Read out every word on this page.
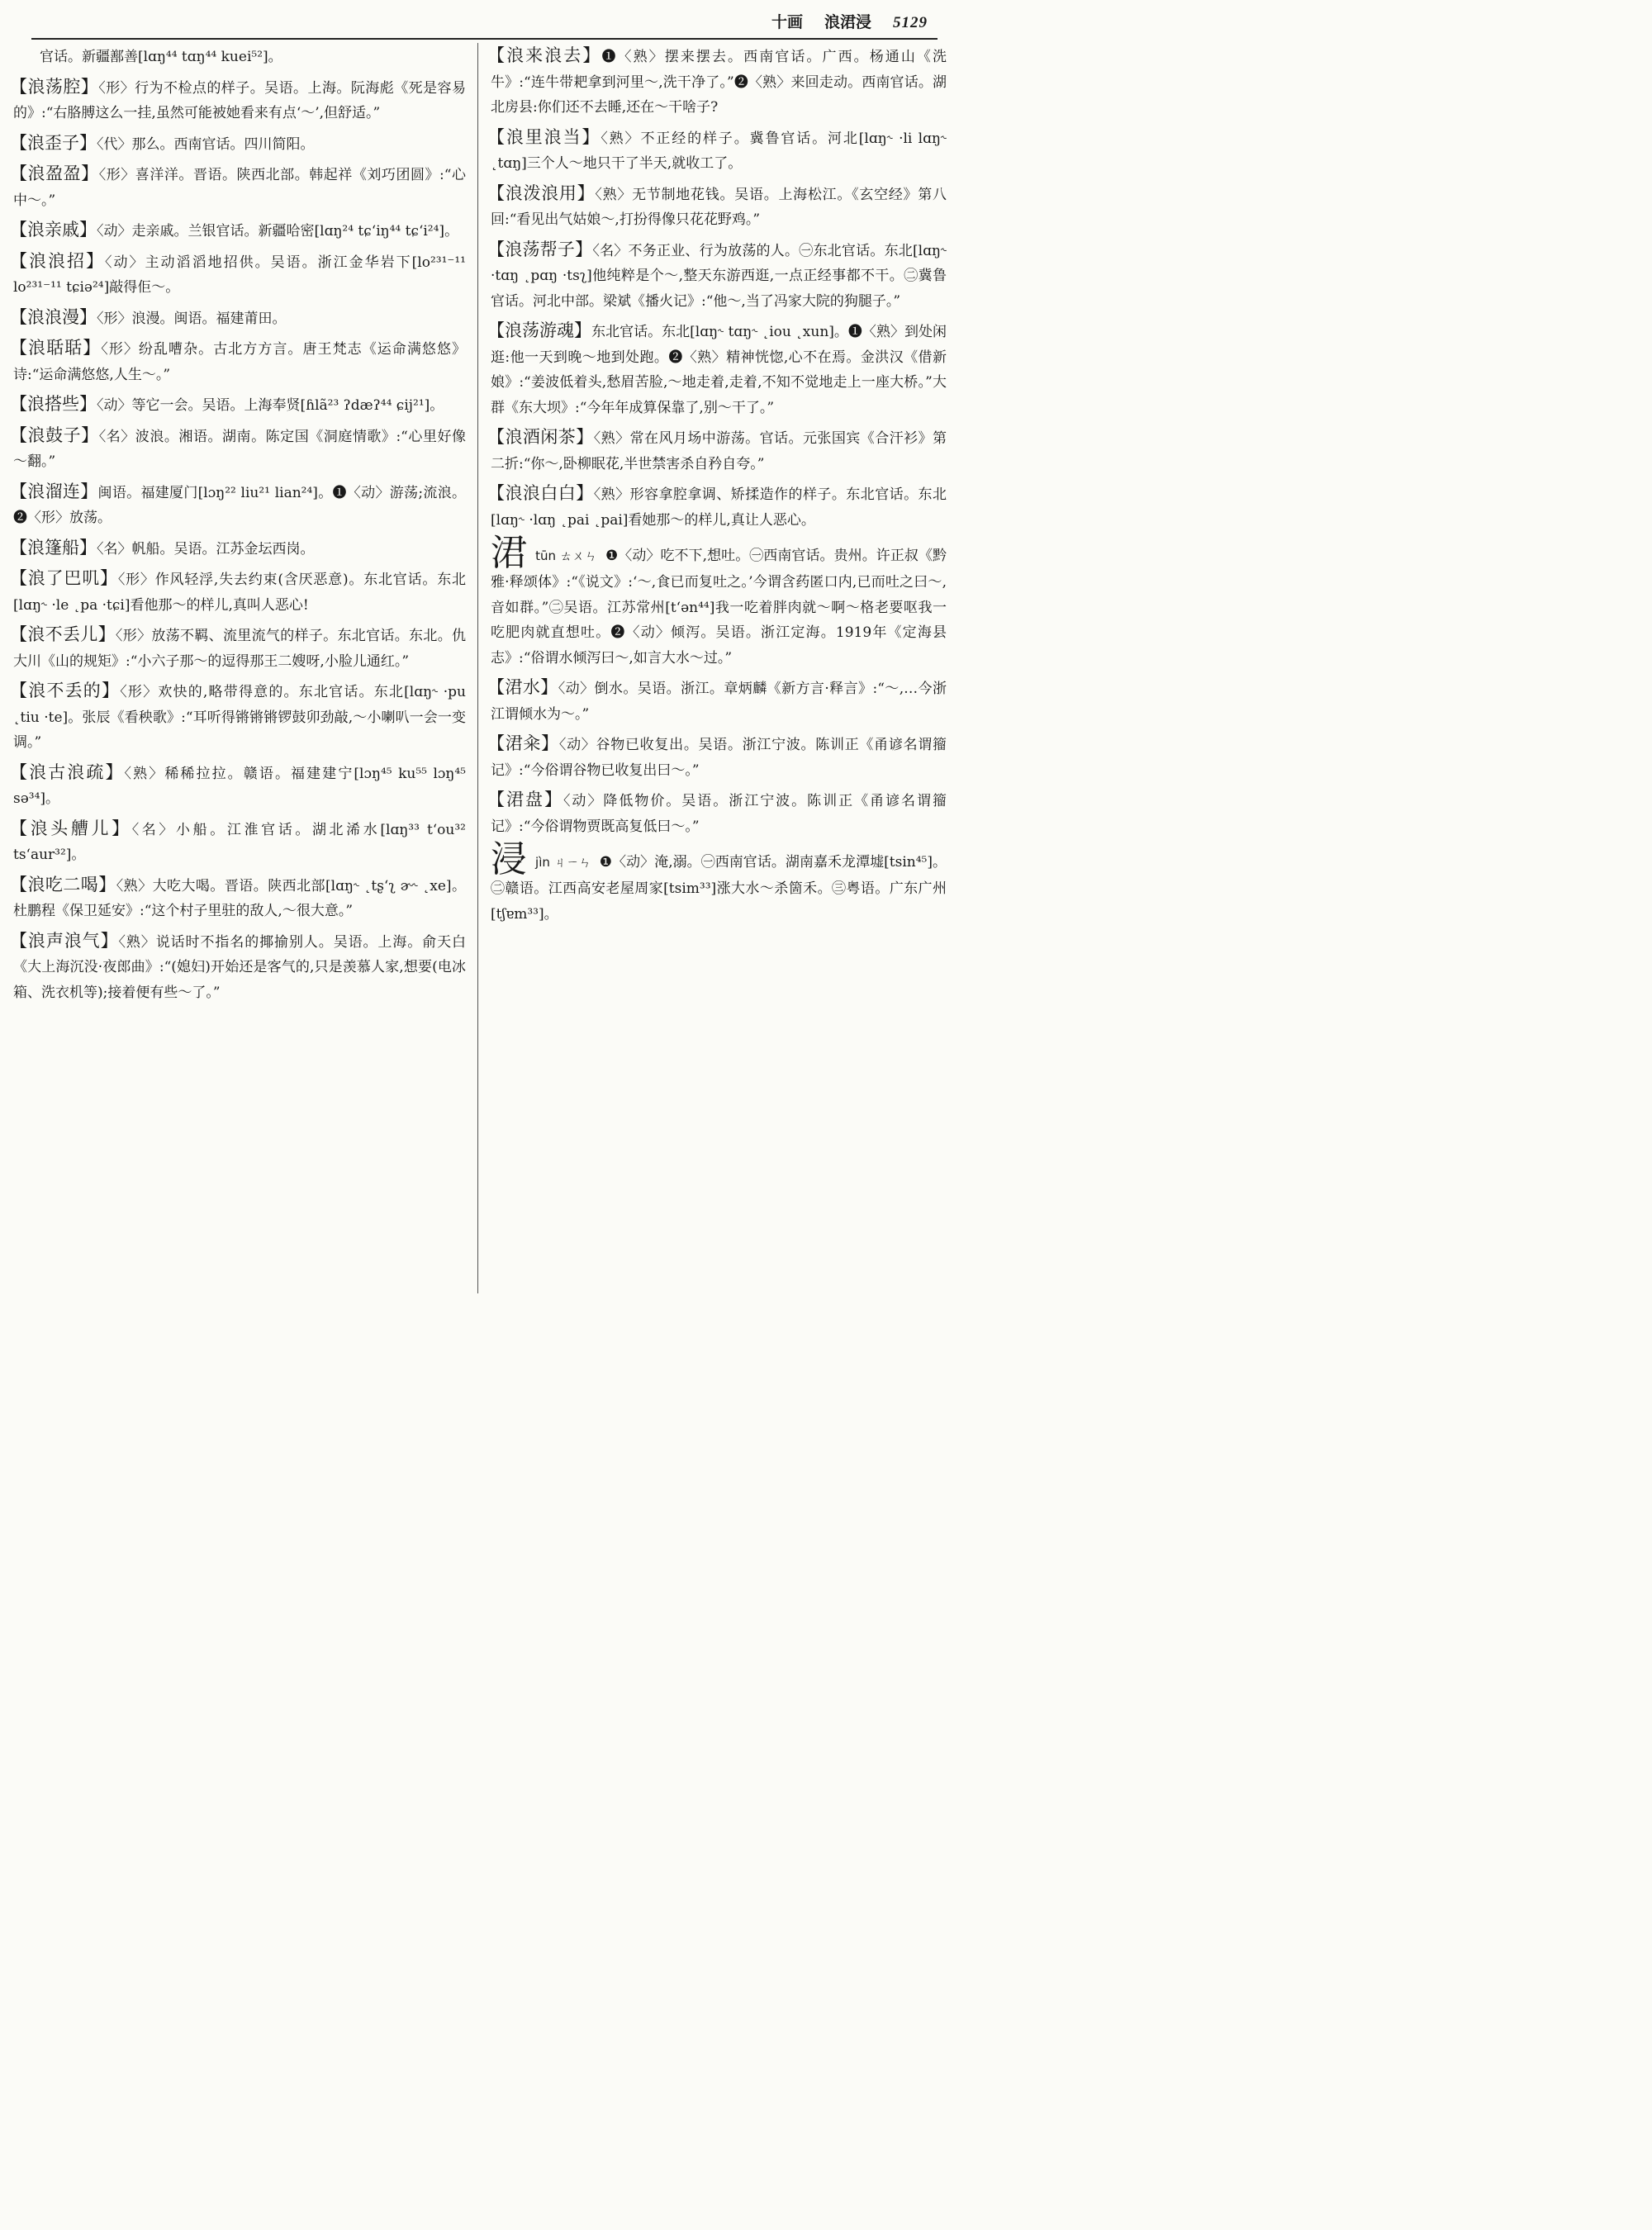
十画 浪涒浸 5129

官话。新疆鄯善[lɑŋ⁴⁴ tɑŋ⁴⁴ kuei⁵²]。

【浪荡腔】〈形〉行为不检点的样子。吴语。上海。阮海彪《死是容易的》:“右胳膊这么一挂,虽然可能被她看来有点‘～’,但舒适。”

【浪歪子】〈代〉那么。西南官话。四川简阳。

【浪盈盈】〈形〉喜洋洋。晋语。陕西北部。韩起祥《刘巧团圆》:“心中～。”

【浪亲戚】〈动〉走亲戚。兰银官话。新疆哈密[lɑŋ²⁴ tɕʻiŋ⁴⁴ tɕʻi²⁴]。

【浪浪招】〈动〉主动滔滔地招供。吴语。浙江金华岩下[lo²³¹⁻¹¹ lo²³¹⁻¹¹ tɕiə²⁴]敲得佢～。

【浪浪漫】〈形〉浪漫。闽语。福建莆田。

【浪聒聒】〈形〉纷乱嘈杂。古北方方言。唐王梵志《运命满悠悠》诗:“运命满悠悠,人生～。”

【浪搭些】〈动〉等它一会。吴语。上海奉贤[ɦlã²³ ʔdæʔ⁴⁴ ɕij²¹]。

【浪鼓子】〈名〉波浪。湘语。湖南。陈定国《洞庭情歌》:“心里好像～翻。”

【浪溜连】闽语。福建厦门[lɔŋ²² liu²¹ lian²⁴]。❶〈动〉游荡;流浪。❷〈形〉放荡。

【浪篷船】〈名〉帆船。吴语。江苏金坛西岗。

【浪了巴叽】〈形〉作风轻浮,失去约束(含厌恶意)。东北官话。东北[lɑŋ˞ ·le ˛pa ·tɕi]看他那～的样儿,真叫人恶心!

【浪不丢儿】〈形〉放荡不羁、流里流气的样子。东北官话。东北。仇大川《山的规矩》:“小六子那～的逗得那王二嫂呀,小脸儿通红。”

【浪不丢的】〈形〉欢快的,略带得意的。东北官话。东北[lɑŋ˞ ·pu ˛tiu ·te]。张辰《看秧歌》:“耳听得锵锵锵锣鼓卯劲敲,～小喇叭一会一变调。”

【浪古浪疏】〈熟〉稀稀拉拉。赣语。福建建宁[lɔŋ⁴⁵ ku⁵⁵ lɔŋ⁴⁵ sə³⁴]。

【浪头艚儿】〈名〉小船。江淮官话。湖北浠水[lɑŋ³³ tʻou³² tsʻaur³²]。

【浪吃二喝】〈熟〉大吃大喝。晋语。陕西北部[lɑŋ˞ ˛tʂʻʅ ɚ˞ ˛xe]。杜鹏程《保卫延安》:“这个村子里驻的敌人,～很大意。”

【浪声浪气】〈熟〉说话时不指名的揶揄别人。吴语。上海。俞天白《大上海沉没·夜郎曲》:“(媳妇)开始还是客气的,只是羡慕人家,想要(电冰箱、洗衣机等);接着便有些～了。”

【浪来浪去】❶〈熟〉摆来摆去。西南官话。广西。杨通山《洗牛》:“连牛带耙拿到河里～,洗干净了。”❷〈熟〉来回走动。西南官话。湖北房县:你们还不去睡,还在～干啥子?

【浪里浪当】〈熟〉不正经的样子。冀鲁官话。河北[lɑŋ˞ ·li lɑŋ˞ ˛tɑŋ]三个人～地只干了半天,就收工了。

【浪泼浪用】〈熟〉无节制地花钱。吴语。上海松江。《玄空经》第八回:“看见出气姑娘～,打扮得像只花花野鸡。”

【浪荡帮子】〈名〉不务正业、行为放荡的人。㊀东北官话。东北[lɑŋ˞ ·tɑŋ ˛pɑŋ ·tsʅ]他纯粹是个～,整天东游西逛,一点正经事都不干。㊁冀鲁官话。河北中部。梁斌《播火记》:“他～,当了冯家大院的狗腿子。”

【浪荡游魂】东北官话。东北[lɑŋ˞ tɑŋ˞ ˛iou ˛xun]。❶〈熟〉到处闲逛:他一天到晚～地到处跑。❷〈熟〉精神恍惚,心不在焉。金洪汉《借新娘》:“姜波低着头,愁眉苦脸,～地走着,走着,不知不觉地走上一座大桥。”大群《东大坝》:“今年年成算保靠了,别～干了。”

【浪酒闲茶】〈熟〉常在风月场中游荡。官话。元张国宾《合汗衫》第二折:“你～,卧柳眠花,半世禁害杀自矜自夸。”

【浪浪白白】〈熟〉形容拿腔拿调、矫揉造作的样子。东北官话。东北[lɑŋ˞ ·lɑŋ ˛pai ˛pai]看她那～的样儿,真让人恶心。

涒tūn ㄊㄨㄣ ❶〈动〉吃不下,想吐。㊀西南官话。贵州。许正叔《黔雅·释颂体》:“《说文》:‘～,食已而复吐之。’今谓含药匿口内,已而吐之曰～,音如群。”㊁吴语。江苏常州[tʻən⁴⁴]我一吃着胖肉就～啊～格老要呕我一吃肥肉就直想吐。❷〈动〉倾泻。吴语。浙江定海。1919年《定海县志》:“俗谓水倾泻曰～,如言大水～过。”

【涒水】〈动〉倒水。吴语。浙江。章炳麟《新方言·释言》:“～,…今浙江谓倾水为～。”

【涒籴】〈动〉谷物已收复出。吴语。浙江宁波。陈训正《甬谚名谓籀记》:“今俗谓谷物已收复出曰～。”

【涒盘】〈动〉降低物价。吴语。浙江宁波。陈训正《甬谚名谓籀记》:“今俗谓物贾既高复低曰～。”

浸jìn ㄐㄧㄣ ❶〈动〉淹,溺。㊀西南官话。湖南嘉禾龙潭墟[tsin⁴⁵]。㊁赣语。江西高安老屋周家[tsim³³]涨大水～杀箇禾。㊂粤语。广东广州[tʃɐm³³]。
